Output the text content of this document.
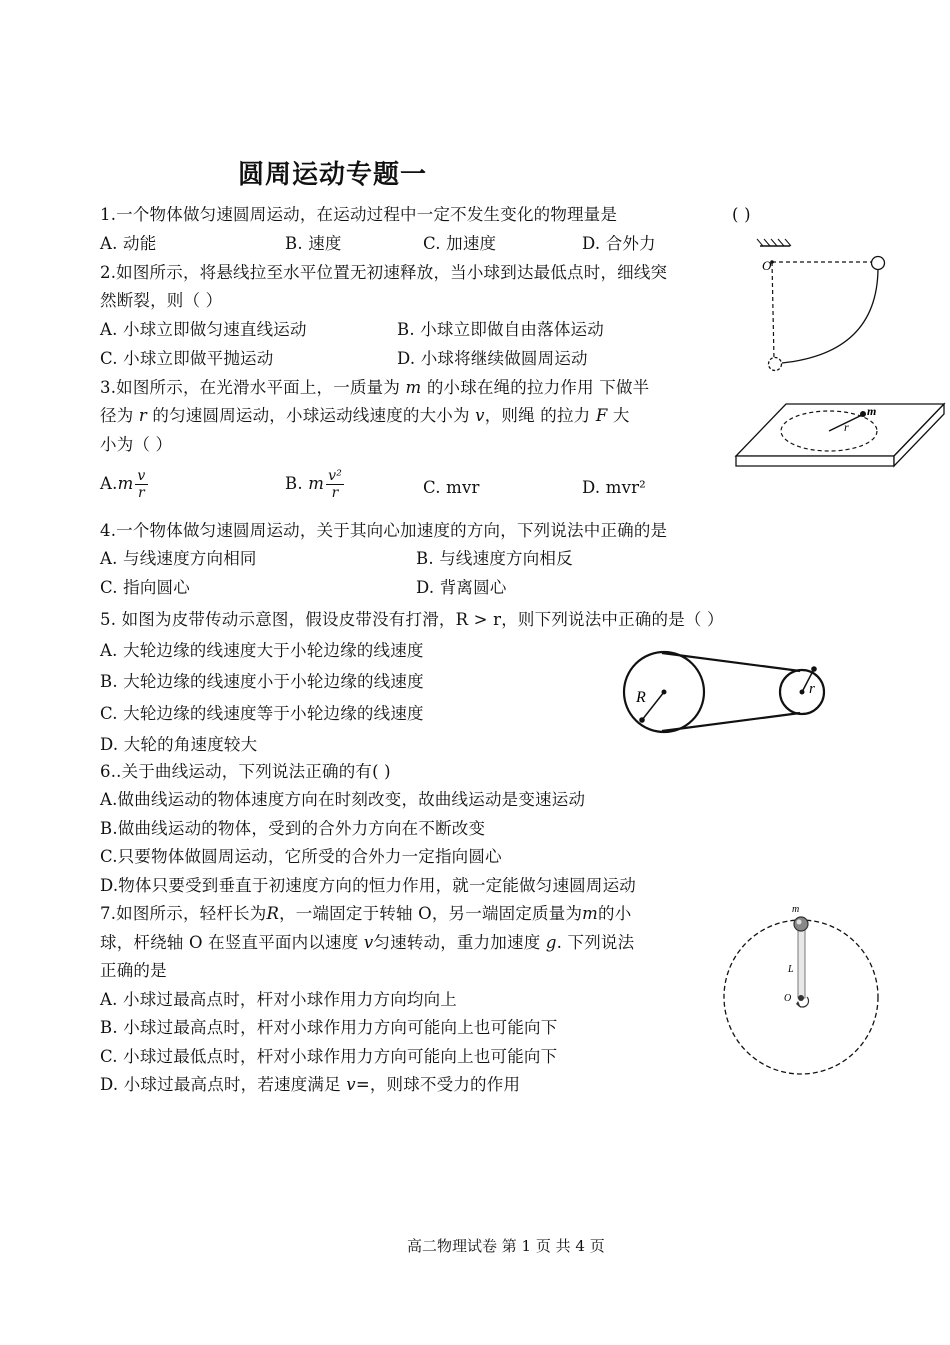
圆周运动专题一
1.一个物体做匀速圆周运动，在运动过程中一定不发生变化的物理量是	( )
A. 动能	B. 速度	C. 加速度	D. 合外力
2.如图所示，将悬线拉至水平位置无初速释放，当小球到达最低点时，细线突
然断裂，则（ ）
A. 小球立即做匀速直线运动	B. 小球立即做自由落体运动
C. 小球立即做平抛运动	D. 小球将继续做圆周运动
O
3.如图所示，在光滑水平面上，一质量为 m 的小球在绳的拉力作用 下做半
径为 r 的匀速圆周运动，小球运动线速度的大小为 v，则绳 的拉力 F 大
小为（ ）
$A.m \frac{v}{r}$	B. m $\frac{\text{v²}}{r}$	C. mvr	D. mvr²
m
r
4.一个物体做匀速圆周运动，关于其向心加速度的方向，下列说法中正确的是
A. 与线速度方向相同	B. 与线速度方向相反
C. 指向圆心	D. 背离圆心
5. 如图为皮带传动示意图，假设皮带没有打滑，R > r，则下列说法中正确的是（ ）
A. 大轮边缘的线速度大于小轮边缘的线速度
B. 大轮边缘的线速度小于小轮边缘的线速度
C. 大轮边缘的线速度等于小轮边缘的线速度
D. 大轮的角速度较大
R	r
6..关于曲线运动，下列说法正确的有( )
A.做曲线运动的物体速度方向在时刻改变，故曲线运动是变速运动
B.做曲线运动的物体，受到的合外力方向在不断改变
C.只要物体做圆周运动，它所受的合外力一定指向圆心
D.物体只要受到垂直于初速度方向的恒力作用，就一定能做匀速圆周运动
7.如图所示，轻杆长为R，一端固定于转轴 O，另一端固定质量为m的小
球，杆绕轴 O 在竖直平面内以速度 v匀速转动，重力加速度 g. 下列说法
正确的是
A. 小球过最高点时，杆对小球作用力方向均向上
B. 小球过最高点时，杆对小球作用力方向可能向上也可能向下
C. 小球过最低点时，杆对小球作用力方向可能向上也可能向下
D. 小球过最高点时，若速度满足 v=，则球不受力的作用
m
L
O
高二物理试卷 第 1 页 共 4 页
